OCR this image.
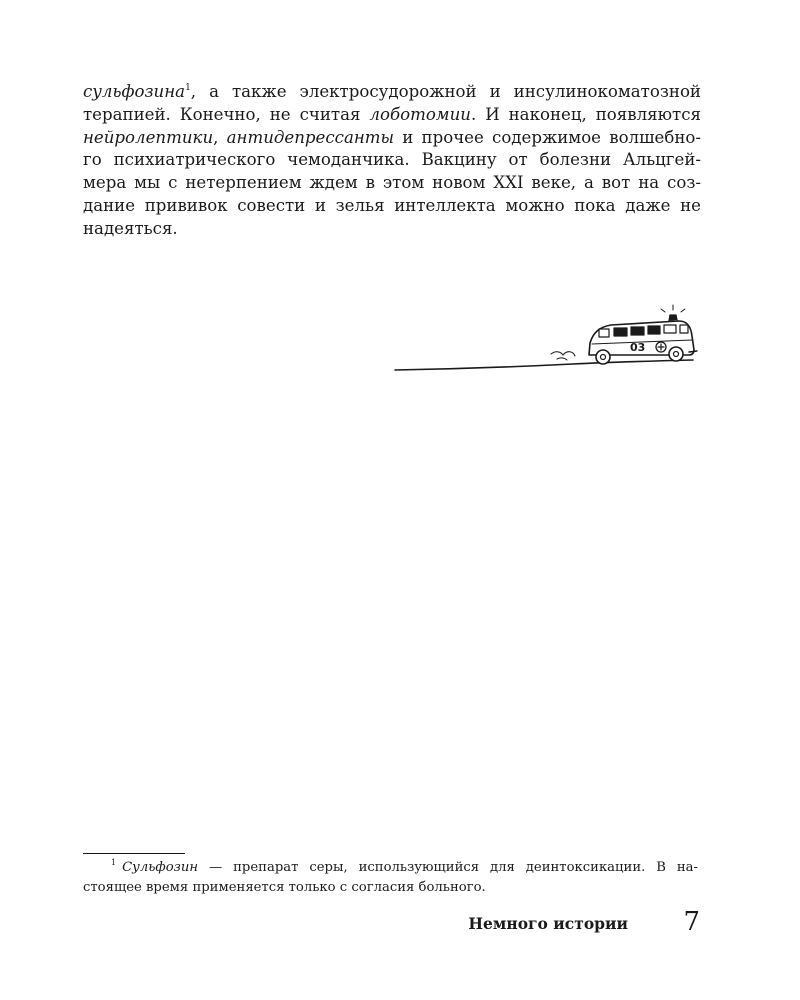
сульфозина$^1$, а также электросудорожной и инсулинокоматозной
терапией. Конечно, не считая лоботомии. И наконец, появляются
нейролептики, антидепрессанты и прочее содержимое волшебно-
го психиатрического чемоданчика. Вакцину от болезни Альцгей-
мера мы с нетерпением ждем в этом новом XXI веке, а вот на соз-
дание прививок совести и зелья интеллекта можно пока даже не
надеяться.
03
$^1$ Сульфозин — препарат серы, использующийся для деинтоксикации. В на-
стоящее время применяется только с согласия больного.
Немного истории 7
